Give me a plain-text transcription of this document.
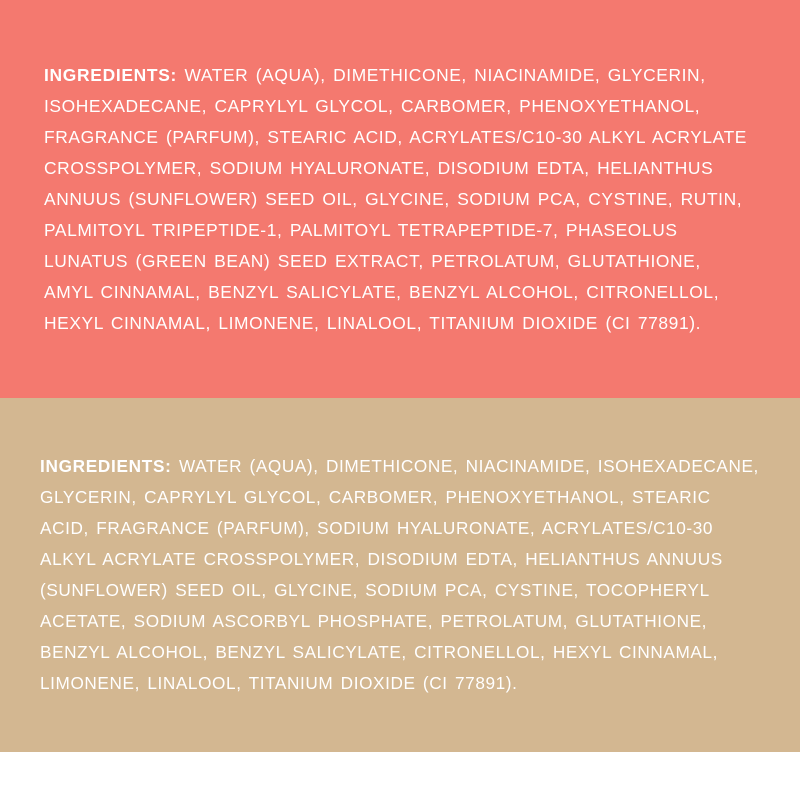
INGREDIENTS: WATER (AQUA), DIMETHICONE, NIACINAMIDE, GLYCERIN, ISOHEXADECANE, CAPRYLYL GLYCOL, CARBOMER, PHENOXYETHANOL, FRAGRANCE (PARFUM), STEARIC ACID, ACRYLATES/C10-30 ALKYL ACRYLATE CROSSPOLYMER, SODIUM HYALURONATE, DISODIUM EDTA, HELIANTHUS ANNUUS (SUNFLOWER) SEED OIL, GLYCINE, SODIUM PCA, CYSTINE, RUTIN, PALMITOYL TRIPEPTIDE-1, PALMITOYL TETRAPEPTIDE-7, PHASEOLUS LUNATUS (GREEN BEAN) SEED EXTRACT, PETROLATUM, GLUTATHIONE, AMYL CINNAMAL, BENZYL SALICYLATE, BENZYL ALCOHOL, CITRONELLOL, HEXYL CINNAMAL, LIMONENE, LINALOOL, TITANIUM DIOXIDE (CI 77891).

INGREDIENTS: WATER (AQUA), DIMETHICONE, NIACINAMIDE, ISOHEXADECANE, GLYCERIN, CAPRYLYL GLYCOL, CARBOMER, PHENOXYETHANOL, STEARIC ACID, FRAGRANCE (PARFUM), SODIUM HYALURONATE, ACRYLATES/C10-30 ALKYL ACRYLATE CROSSPOLYMER, DISODIUM EDTA, HELIANTHUS ANNUUS (SUNFLOWER) SEED OIL, GLYCINE, SODIUM PCA, CYSTINE, TOCOPHERYL ACETATE, SODIUM ASCORBYL PHOSPHATE, PETROLATUM, GLUTATHIONE, BENZYL ALCOHOL, BENZYL SALICYLATE, CITRONELLOL, HEXYL CINNAMAL, LIMONENE, LINALOOL, TITANIUM DIOXIDE (CI 77891).
